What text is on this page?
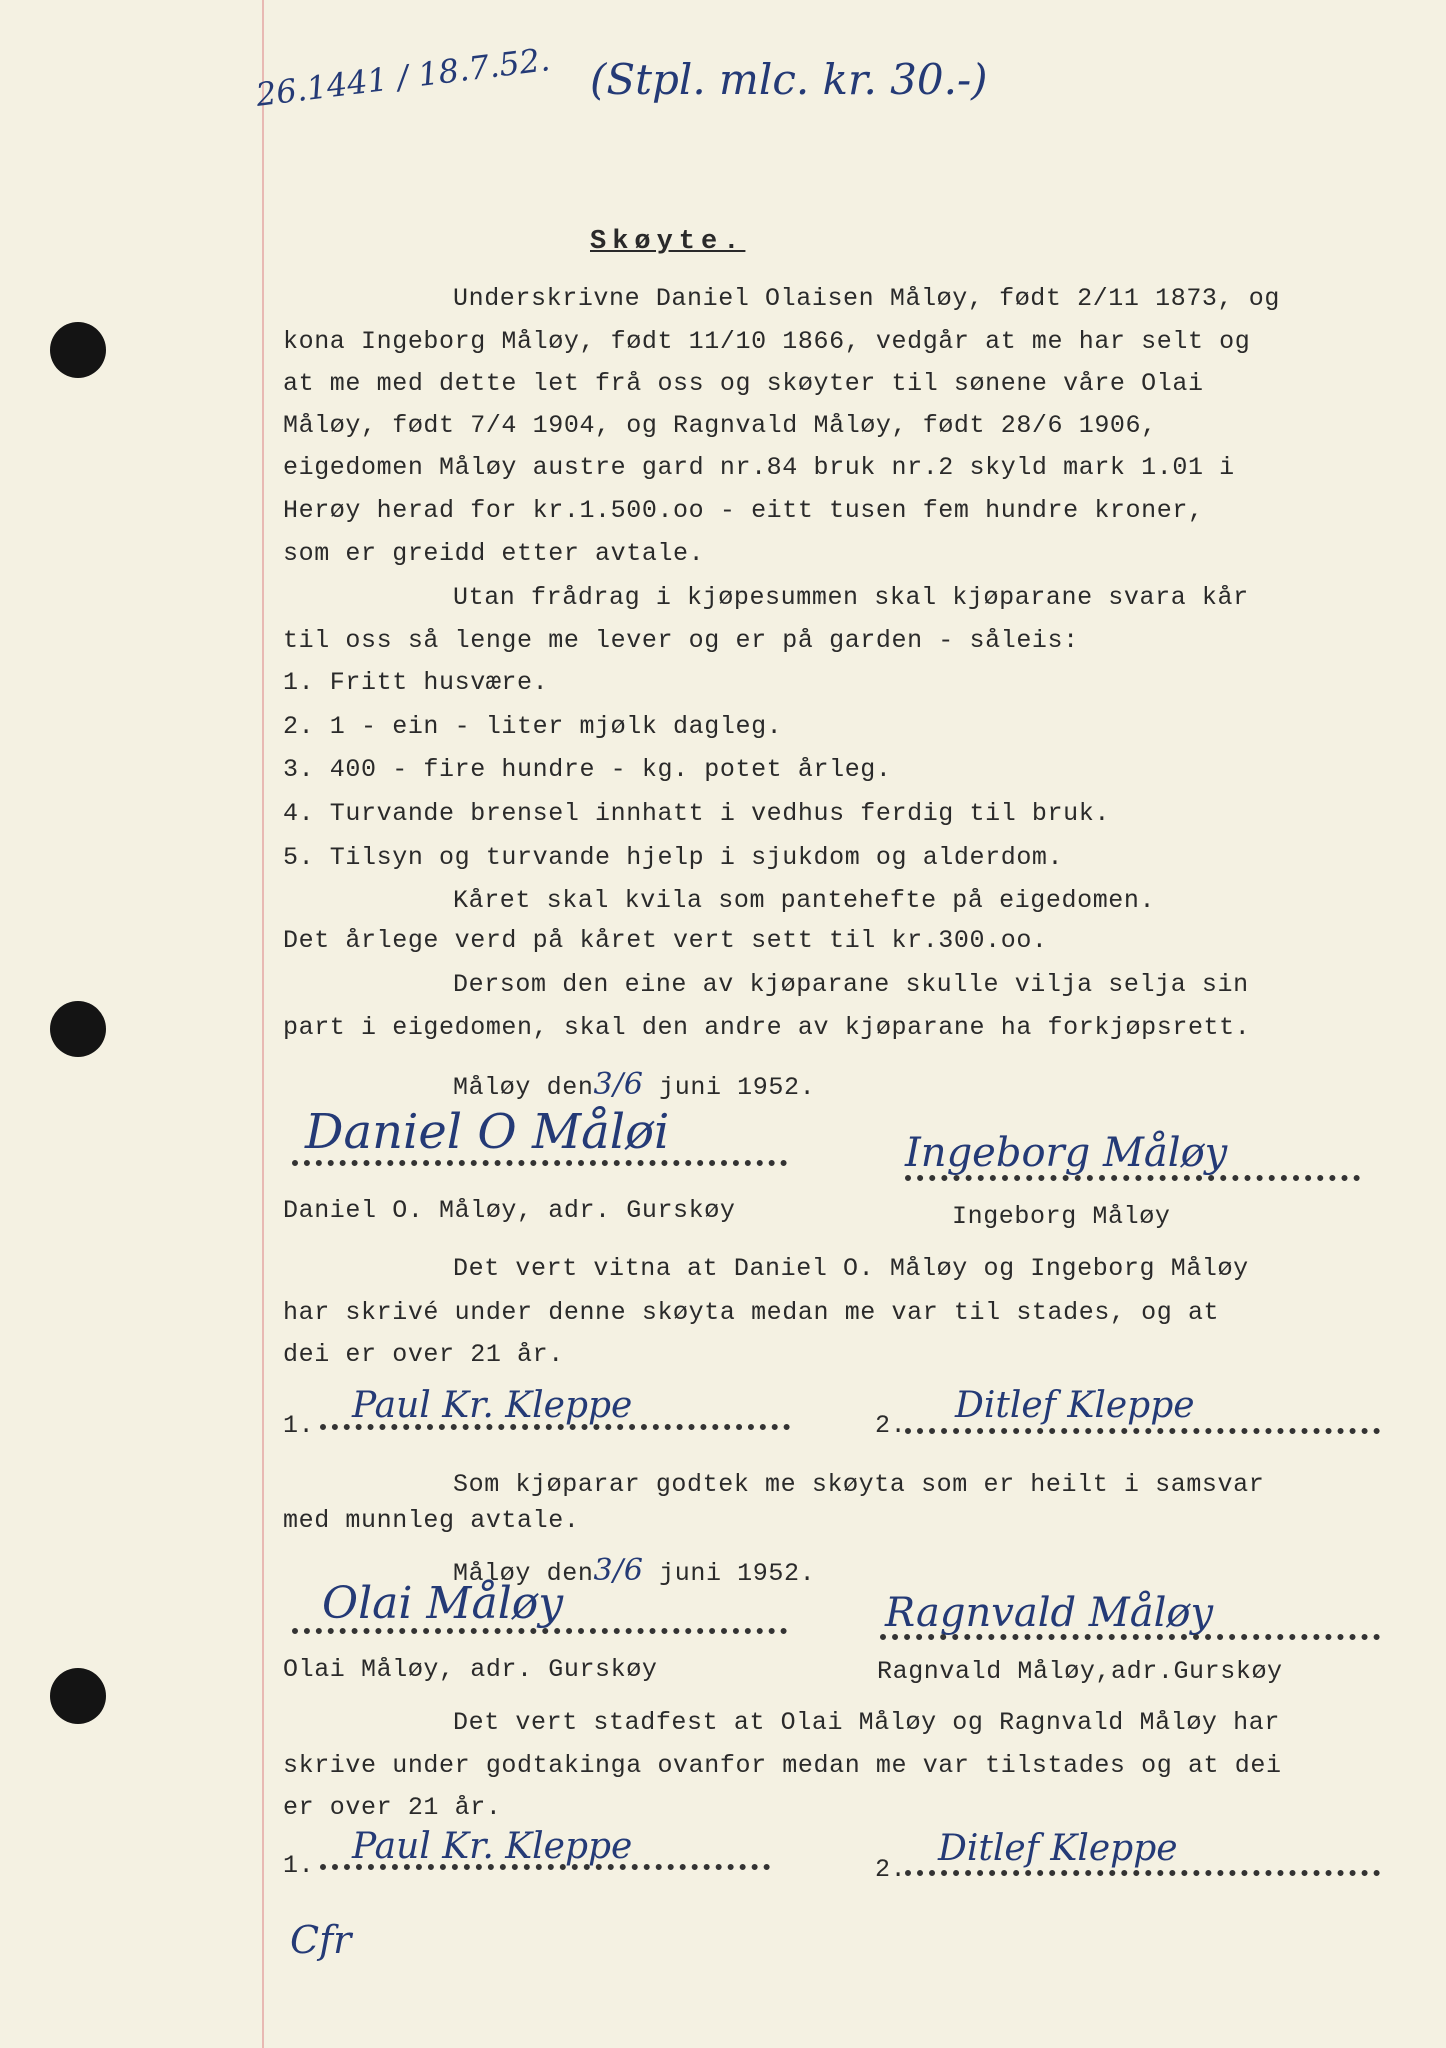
26.1441 / 18.7.52. (Stpl. mlc. kr. 30.-)
Skøyte.
Underskrivne Daniel Olaisen Måløy, født 2/11 1873, og
kona Ingeborg Måløy, født 11/10 1866, vedgår at me har selt og
at me med dette let frå oss og skøyter til sønene våre Olai
Måløy, født 7/4 1904, og Ragnvald Måløy, født 28/6 1906,
eigedomen Måløy austre gard nr.84 bruk nr.2 skyld mark 1.01 i
Herøy herad for kr.1.500.oo - eitt tusen fem hundre kroner,
som er greidd etter avtale.
Utan frådrag i kjøpesummen skal kjøparane svara kår
til oss så lenge me lever og er på garden - såleis:
1. Fritt husvære.
2. 1 - ein - liter mjølk dagleg.
3. 400 - fire hundre - kg. potet årleg.
4. Turvande brensel innhatt i vedhus ferdig til bruk.
5. Tilsyn og turvande hjelp i sjukdom og alderdom.
Kåret skal kvila som pantehefte på eigedomen.
Det årlege verd på kåret vert sett til kr.300.oo.
Dersom den eine av kjøparane skulle vilja selja sin
part i eigedomen, skal den andre av kjøparane ha forkjøpsrett.
Måløy den3/6 juni 1952.
Daniel O Måløi	Ingeborg Måløy
Daniel O. Måløy, adr. Gurskøy	Ingeborg Måløy
Det vert vitna at Daniel O. Måløy og Ingeborg Måløy
har skrivé under denne skøyta medan me var til stades, og at
dei er over 21 år.
1. Paul Kr. Kleppe	2. Ditlef Kleppe
Som kjøparar godtek me skøyta som er heilt i samsvar
med munnleg avtale.
Måløy den3/6 juni 1952.
Olai Måløy	Ragnvald Måløy
Olai Måløy, adr. Gurskøy	Ragnvald Måløy,adr.Gurskøy
Det vert stadfest at Olai Måløy og Ragnvald Måløy har
skrive under godtakinga ovanfor medan me var tilstades og at dei
er over 21 år.
1. Paul Kr. Kleppe
2.
Ditlef Kleppe
Cfr
